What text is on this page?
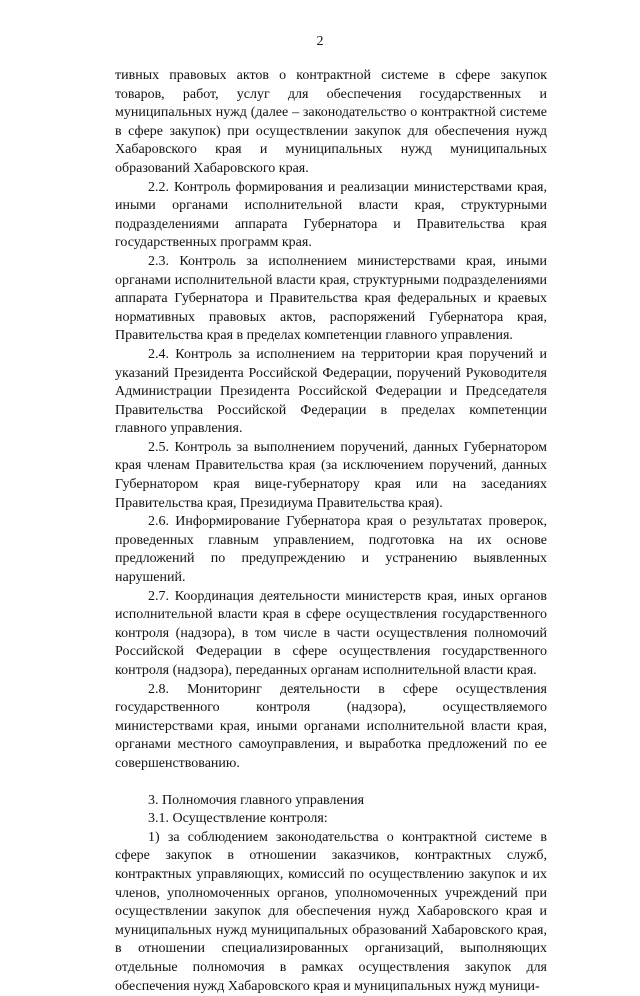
2

тивных правовых актов о контрактной системе в сфере закупок товаров, работ, услуг для обеспечения государственных и муниципальных нужд (далее – законодательство о контрактной системе в сфере закупок) при осуществлении закупок для обеспечения нужд Хабаровского края и муниципальных нужд муниципальных образований Хабаровского края.

2.2. Контроль формирования и реализации министерствами края, иными органами исполнительной власти края, структурными подразделениями аппарата Губернатора и Правительства края государственных программ края.

2.3. Контроль за исполнением министерствами края, иными органами исполнительной власти края, структурными подразделениями аппарата Губернатора и Правительства края федеральных и краевых нормативных правовых актов, распоряжений Губернатора края, Правительства края в пределах компетенции главного управления.

2.4. Контроль за исполнением на территории края поручений и указаний Президента Российской Федерации, поручений Руководителя Администрации Президента Российской Федерации и Председателя Правительства Российской Федерации в пределах компетенции главного управления.

2.5. Контроль за выполнением поручений, данных Губернатором края членам Правительства края (за исключением поручений, данных Губернатором края вице-губернатору края или на заседаниях Правительства края, Президиума Правительства края).

2.6. Информирование Губернатора края о результатах проверок, проведенных главным управлением, подготовка на их основе предложений по предупреждению и устранению выявленных нарушений.

2.7. Координация деятельности министерств края, иных органов исполнительной власти края в сфере осуществления государственного контроля (надзора), в том числе в части осуществления полномочий Российской Федерации в сфере осуществления государственного контроля (надзора), переданных органам исполнительной власти края.

2.8. Мониторинг деятельности в сфере осуществления государственного контроля (надзора), осуществляемого министерствами края, иными органами исполнительной власти края, органами местного самоуправления, и выработка предложений по ее совершенствованию.

3. Полномочия главного управления

3.1. Осуществление контроля:

1) за соблюдением законодательства о контрактной системе в сфере закупок в отношении заказчиков, контрактных служб, контрактных управляющих, комиссий по осуществлению закупок и их членов, уполномоченных органов, уполномоченных учреждений при осуществлении закупок для обеспечения нужд Хабаровского края и муниципальных нужд муниципальных образований Хабаровского края, в отношении специализированных организаций, выполняющих отдельные полномочия в рамках осуществления закупок для обеспечения нужд Хабаровского края и муниципальных нужд муници-
